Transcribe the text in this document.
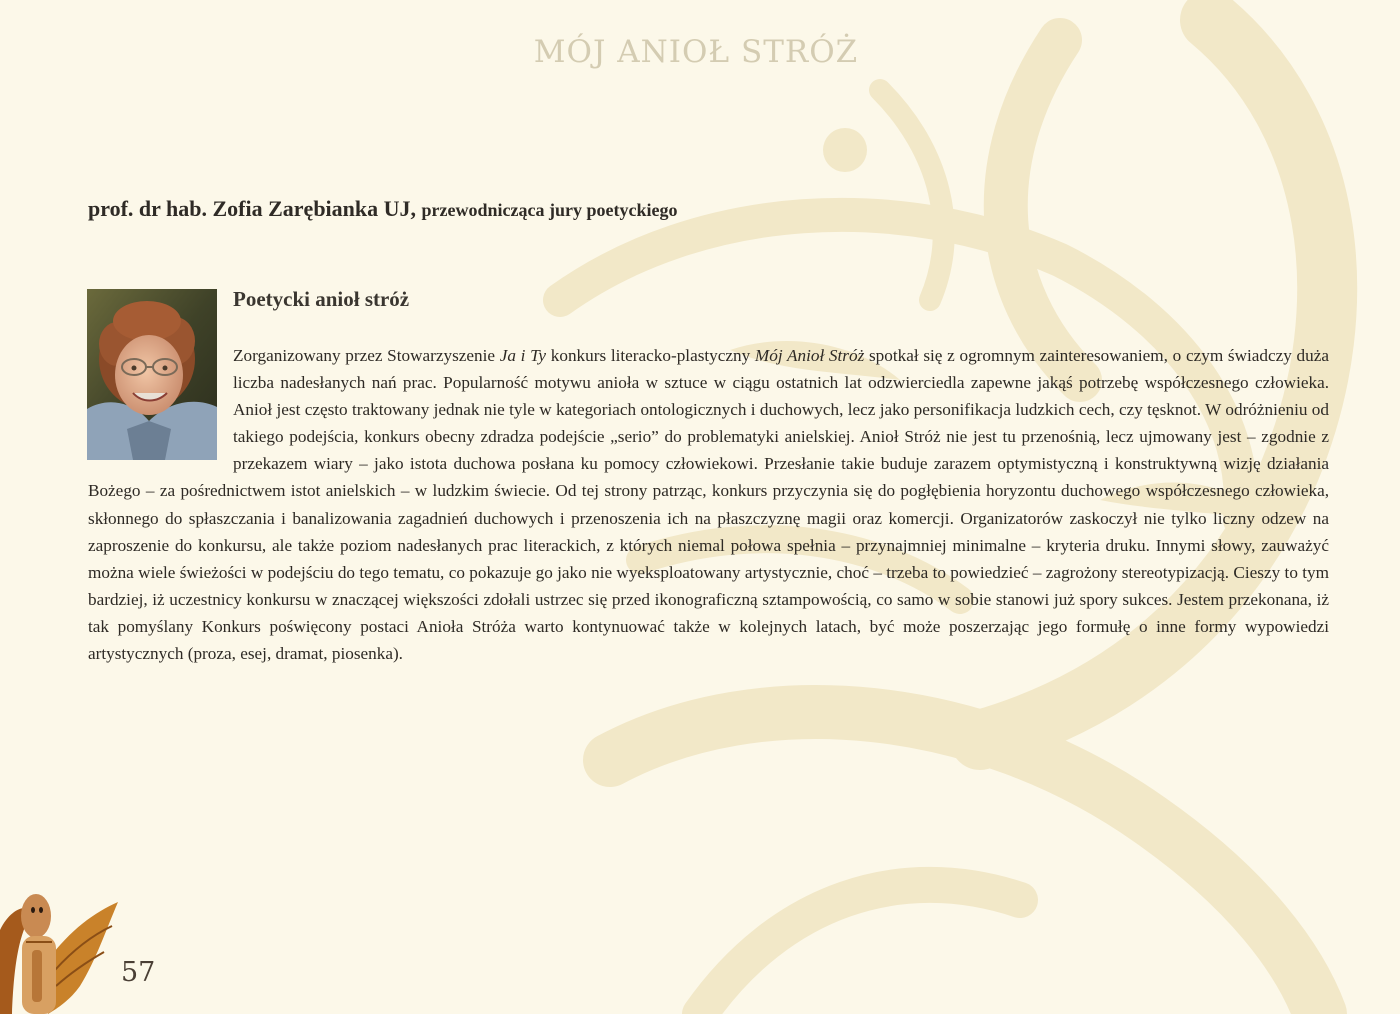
MÓJ ANIOŁ STRÓŻ
prof. dr hab. Zofia Zarębianka UJ, przewodnicząca jury poetyckiego
Poetycki anioł stróż

Zorganizowany przez Stowarzyszenie Ja i Ty konkurs literacko-plastyczny Mój Anioł Stróż spotkał się z ogromnym zainteresowaniem, o czym świadczy duża liczba nadesłanych nań prac. Popularność motywu anioła w sztuce w ciągu ostatnich lat odzwierciedla zapewne jakąś potrzebę współczesnego człowieka. Anioł jest często traktowany jednak nie tyle w kategoriach ontologicznych i duchowych, lecz jako personifikacja ludzkich cech, czy tęsknot. W odróżnieniu od takiego podejścia, konkurs obecny zdradza podejście „serio” do problematyki anielskiej. Anioł Stróż nie jest tu przenośnią, lecz ujmowany jest – zgodnie z przekazem wiary – jako istota duchowa posłana ku pomocy człowiekowi. Przesłanie takie buduje zarazem optymistyczną i konstruktywną wizję działania Bożego – za pośrednictwem istot anielskich – w ludzkim świecie. Od tej strony patrząc, konkurs przyczynia się do pogłębienia horyzontu duchowego współczesnego człowieka, skłonnego do spłaszczania i banalizowania zagadnień duchowych i przenoszenia ich na płaszczyznę magii oraz komercji. Organizatorów zaskoczył nie tylko liczny odzew na zaproszenie do konkursu, ale także poziom nadesłanych prac literackich, z których niemal połowa spełnia – przynajmniej minimalne – kryteria druku. Innymi słowy, zauważyć można wiele świeżości w podejściu do tego tematu, co pokazuje go jako nie wyeksploatowany artystycznie, choć – trzeba to powiedzieć – zagrożony stereotypizacją. Cieszy to tym bardziej, iż uczestnicy konkursu w znaczącej większości zdołali ustrzec się przed ikonograficzną sztampowością, co samo w sobie stanowi już spory sukces. Jestem przekonana, iż tak pomyślany Konkurs poświęcony postaci Anioła Stróża warto kontynuować także w kolejnych latach, być może poszerzając jego formułę o inne formy wypowiedzi artystycznych (proza, esej, dramat, piosenka).

57
